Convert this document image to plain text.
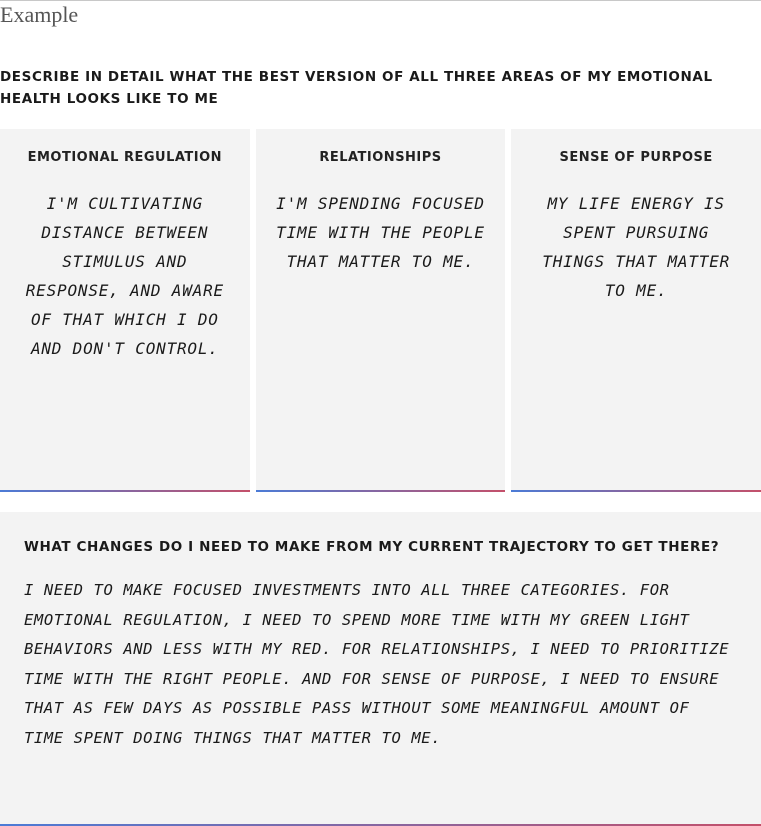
Example
DESCRIBE IN DETAIL WHAT THE BEST VERSION OF ALL THREE AREAS OF MY EMOTIONAL HEALTH LOOKS LIKE TO ME
EMOTIONAL REGULATION
I'M CULTIVATING DISTANCE BETWEEN STIMULUS AND RESPONSE, AND AWARE OF THAT WHICH I DO AND DON'T CONTROL.
RELATIONSHIPS
I'M SPENDING FOCUSED TIME WITH THE PEOPLE THAT MATTER TO ME.
SENSE OF PURPOSE
MY LIFE ENERGY IS SPENT PURSUING THINGS THAT MATTER TO ME.
WHAT CHANGES DO I NEED TO MAKE FROM MY CURRENT TRAJECTORY TO GET THERE?
I NEED TO MAKE FOCUSED INVESTMENTS INTO ALL THREE CATEGORIES. FOR EMOTIONAL REGULATION, I NEED TO SPEND MORE TIME WITH MY GREEN LIGHT BEHAVIORS AND LESS WITH MY RED. FOR RELATIONSHIPS, I NEED TO PRIORITIZE TIME WITH THE RIGHT PEOPLE. AND FOR SENSE OF PURPOSE, I NEED TO ENSURE THAT AS FEW DAYS AS POSSIBLE PASS WITHOUT SOME MEANINGFUL AMOUNT OF TIME SPENT DOING THINGS THAT MATTER TO ME.
